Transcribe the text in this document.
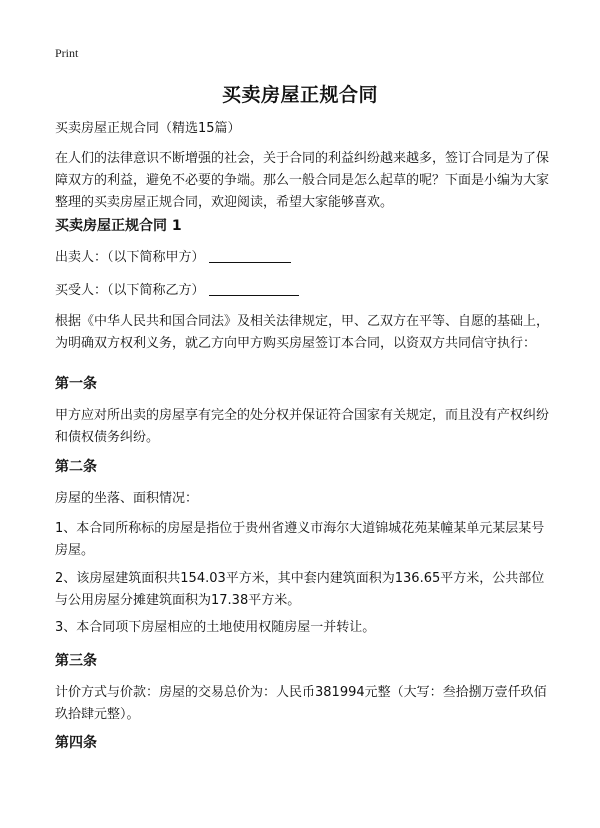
Print
买卖房屋正规合同

买卖房屋正规合同（精选15篇）

在人们的法律意识不断增强的社会，关于合同的利益纠纷越来越多，签订合同是为了保障双方的利益，避免不必要的争端。那么一般合同是怎么起草的呢？下面是小编为大家整理的买卖房屋正规合同，欢迎阅读，希望大家能够喜欢。

买卖房屋正规合同 1

出卖人：（以下简称甲方）

买受人：（以下简称乙方）

根据《中华人民共和国合同法》及相关法律规定，甲、乙双方在平等、自愿的基础上，为明确双方权利义务，就乙方向甲方购买房屋签订本合同，以资双方共同信守执行：

第一条

甲方应对所出卖的房屋享有完全的处分权并保证符合国家有关规定，而且没有产权纠纷和债权债务纠纷。

第二条

房屋的坐落、面积情况：

1、本合同所称标的房屋是指位于贵州省遵义市海尔大道锦城花苑某幢某单元某层某号房屋。

2、该房屋建筑面积共154.03平方米，其中套内建筑面积为136.65平方米，公共部位与公用房屋分摊建筑面积为17.38平方米。

3、本合同项下房屋相应的土地使用权随房屋一并转让。

第三条

计价方式与价款：房屋的交易总价为：人民币381994元整（大写：叁拾捌万壹仟玖佰玖拾肆元整）。

第四条
